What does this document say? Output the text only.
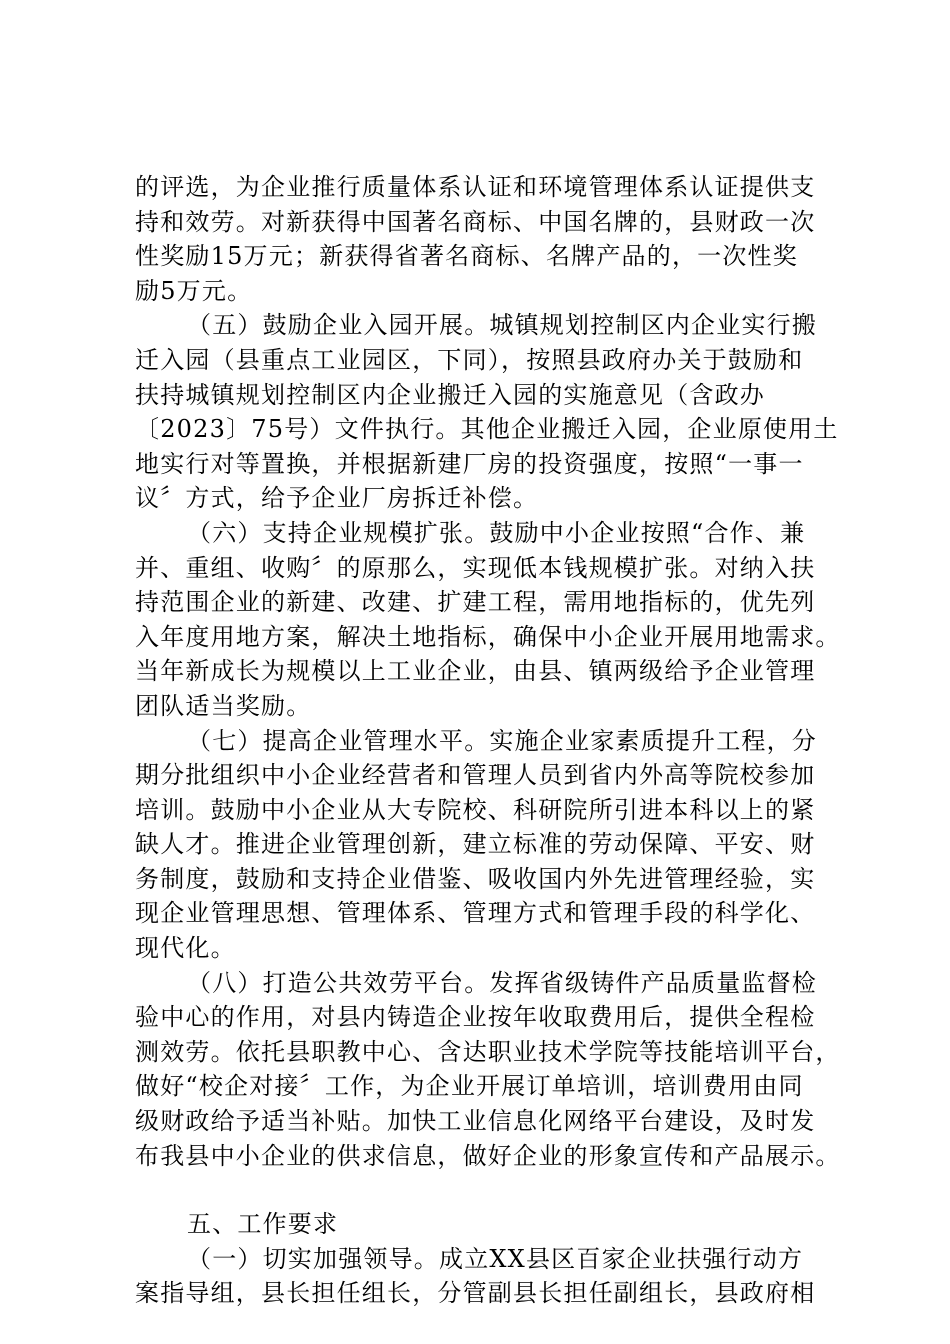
的评选，为企业推行质量体系认证和环境管理体系认证提供支

持和效劳。对新获得中国著名商标、中国名牌的，县财政一次

性奖励15万元；新获得省著名商标、名牌产品的，一次性奖

励5万元。

（五）鼓励企业入园开展。城镇规划控制区内企业实行搬

迁入园（县重点工业园区，下同），按照县政府办关于鼓励和

扶持城镇规划控制区内企业搬迁入园的实施意见（含政办

〔2023〕75号）文件执行。其他企业搬迁入园，企业原使用土

地实行对等置换，并根据新建厂房的投资强度，按照“一事一

议〞方式，给予企业厂房拆迁补偿。

（六）支持企业规模扩张。鼓励中小企业按照“合作、兼

并、重组、收购〞的原那么，实现低本钱规模扩张。对纳入扶

持范围企业的新建、改建、扩建工程，需用地指标的，优先列

入年度用地方案，解决土地指标，确保中小企业开展用地需求。

当年新成长为规模以上工业企业，由县、镇两级给予企业管理

团队适当奖励。

（七）提高企业管理水平。实施企业家素质提升工程，分

期分批组织中小企业经营者和管理人员到省内外高等院校参加

培训。鼓励中小企业从大专院校、科研院所引进本科以上的紧

缺人才。推进企业管理创新，建立标准的劳动保障、平安、财

务制度，鼓励和支持企业借鉴、吸收国内外先进管理经验，实

现企业管理思想、管理体系、管理方式和管理手段的科学化、

现代化。

（八）打造公共效劳平台。发挥省级铸件产品质量监督检

验中心的作用，对县内铸造企业按年收取费用后，提供全程检

测效劳。依托县职教中心、含达职业技术学院等技能培训平台，

做好“校企对接〞工作，为企业开展订单培训，培训费用由同

级财政给予适当补贴。加快工业信息化网络平台建设，及时发

布我县中小企业的供求信息，做好企业的形象宣传和产品展示。

五、工作要求

（一）切实加强领导。成立XX县区百家企业扶强行动方

案指导组，县长担任组长，分管副县长担任副组长，县政府相
